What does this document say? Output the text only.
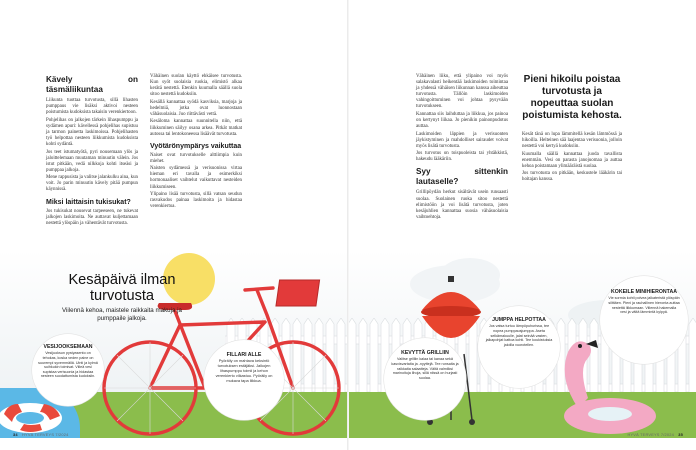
Kävely on täsmäliikuntaa

Liikunta tuottaa turvotusta, sillä lihasten pumppaus vie lisäksi aktivoi nesteen poistumista kudoksista takaisin verenkiertoon.

Pohjelihas on jalkojen tärkein lihaspumppu ja sydämen apuri: kävellessä pohjelihas supistuu ja tarmon painetta laskimoissa. Pohjelihasten työ helpottaa nesteen liikkumista kudoksista kohti sydäntä.

Jos teet istumatyötä, pyri nousemaan ylös ja jaloittelemaan muutaman minuutin välein. Jos istut pitkään, vedä nilkkoja kohti itseäsi ja pumppaa jalkoja.

Mene rappusista ja valitse jalankulku aina, kun voit. Jo parin minuutin kävely pitää pumpun käynnissä.

Miksi laittaisin tukisukat?

Jos tukisukat nousevat tarpeeseen, ne tukevat jalkojen laskimoita. Ne auttavat kuljettamaan nestettä ylöspäin ja vähentävät turvotusta.

Vähäinen suolan käyttö ehkäisee turvotusta. Kun syöt suolaisia ruokia, elimistö alkaa kerätä nestettä. Etenkin kuumalla säällä suola sitoo nestettä kudoksiin.

Kesällä kannattaa syödä kasviksia, marjoja ja hedelmiä, jotka ovat luonnostaan vähäsuolaisia. Juo riittävästi vettä.

Kesäloma kannattaa suunnitella niin, että liikkuminen säilyy osana arkea. Pitkät matkat autossa tai lentokoneessa lisäävät turvotusta.

Vyötärönympärys vaikuttaa

Naiset ovat turvotukselle alttiimpia kuin miehet.

Naisten sydämessä ja verisuonissa virtaa hieman eri tavalla ja esimerkiksi hormonaaliset vaihtelut vaikuttavat nesteiden liikkumiseen.

Ylipaino lisää turvotusta, sillä vatsan seudun rasvakudos painaa laskimoita ja hidastaa verenkiertoa.

Kesäpäivä ilman turvotusta
Viilennä kehoa, maistele raikkaita makuja ja pumppaile jalkoja.
VESIJOOKSEMAAN
Vesijuoksun pystyasento on tehokas, koska veden paine on suurempi syvemmällä. Uinti ja kylmä suihkukin toimivat. Viileä vesi supistaa verisuonia ja hidastaa nesteen suodattumista kudoksiin.
FILLARI ALLE
Pyöräily on mahtava keksintö turvotuksen estäjäksi. Jalkojen lihaspumppu toimii ja kehon verenkierto vilkastuu. Pyöräily on mukava tapa liikkua.
34 HYVÄ TERVEYS 7/2024

Vähäinen liiku, että ylipaino voi myös salakavalasti heikentää laskimoiden toimintaa ja yhdessä vähäisen liikunnan kanssa aiheuttaa turvotusta. Tällöin laskimoiden vahingoittuminen voi johtaa pysyvään turvotukseen.

Kannattaa siis laihduttaa ja liikkua, jos painoa on kertynyt liikaa. Jo pienikin painonpudotus auttaa.

Laskimoiden läppien ja verisuonten jäykistyminen ja mahdolliset sairaudet voivat myös lisätä turvotusta.

Jos turvotus on toispuoleista tai yhtäkkistä, hakeudu lääkäriin.

Syy sittenkin lautaselle?

Grillipöydän herkut sisältävät usein runsaasti suolaa. Suolainen ruoka sitoo nestettä elimistöön ja voi lisätä turvotusta, joten kesäjuhlien kannattaa suosia vähäsuolaisia vaihtoehtoja.

Pieni hikoilu poistaa turvotusta ja nopeuttaa suolan poistumista kehosta.

Kesät tänä on lupa lämmitellä kesän lämmössä ja hikoilla. Helteinen sää laajentaa verisuonia, jolloin nestettä voi kertyä kudoksiin.

Kuumalla säällä kannattaa juoda tavallista enemmän. Vesi on parasta janojuomaa ja auttaa kehoa poistamaan ylimääräistä suolaa.

Jos turvotusta on pitkään, keskustele lääkärin tai hoitajan kanssa.

KEVYTTÄ GRILLIIN
Valitse grilliin kalaa tai kanaa sekä kasvisvartaita ja -nyyttejä. Tee runsaita ja raikkaita salaatteja. Vältä valmiiksi marinoituja lihoja, sillä niissä on hurjasti suolaa.
JUMPPA HELPOTTAA
Jos vatsa turtuu lämpöpuhurissa, tee nopea pumppausjumppa. Aseta selkämakuulle, jalat seinää vasten, jalkapohjat kattoa kohti. Tee koukistuksia jaloilla vuorotellen.
KOKEILE MINIHIERONTAA
Vie sormia kohti polvea jalkateristä ylöspäin silittäen. Pieni ja rauhallinen hieronta auttaa nestettä liikkumaan. Viilennä hakemalla vesi ja vältä lämmintä kylpyä.
HYVÄ TERVEYS 7/2024 35
